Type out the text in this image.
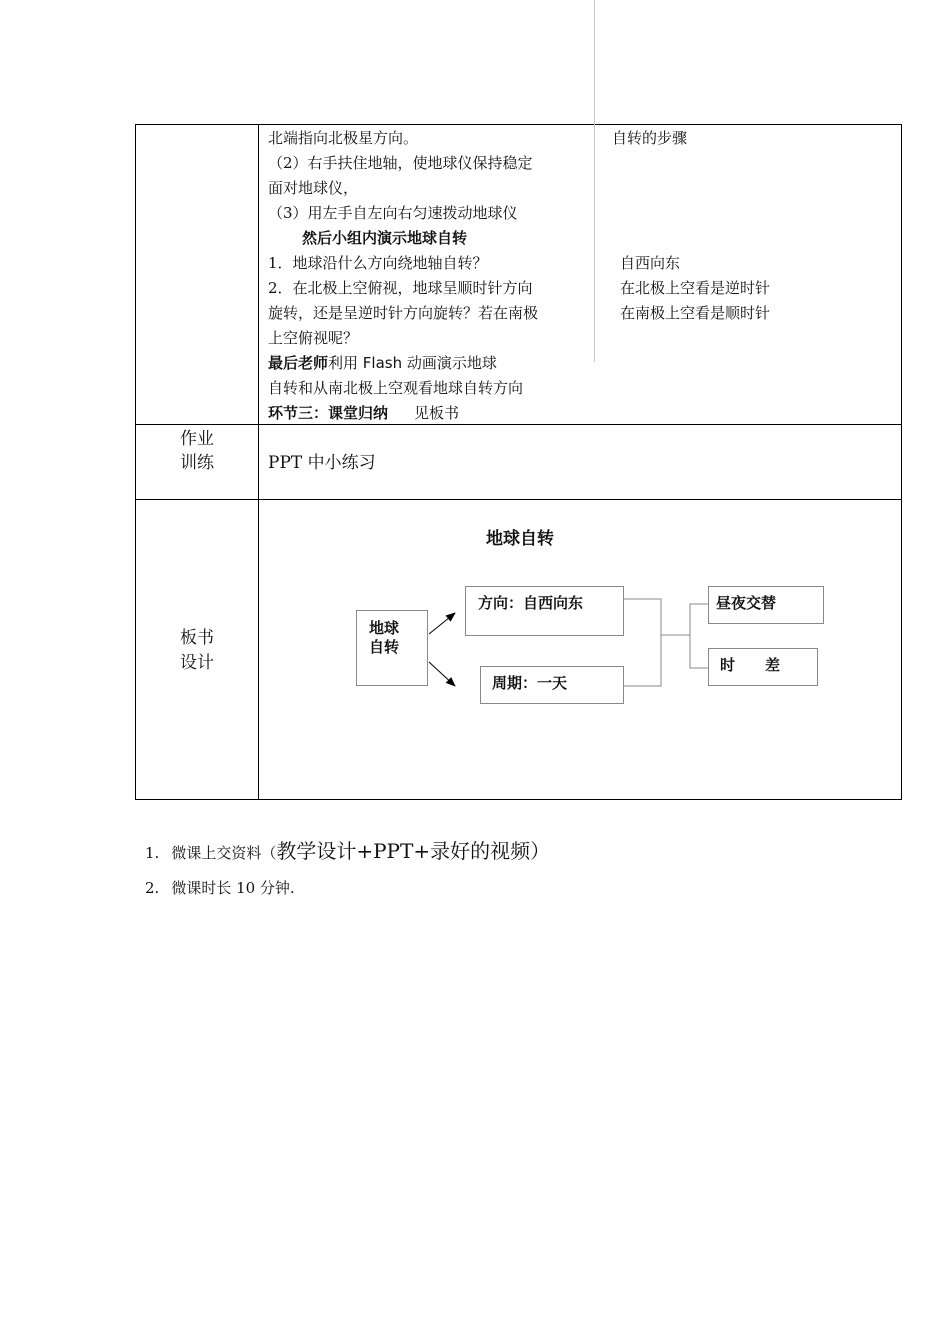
北端指向北极星方向。
（2）右手扶住地轴，使地球仪保持稳定
面对地球仪，
（3）用左手自左向右匀速拨动地球仪
然后小组内演示地球自转
1．地球沿什么方向绕地轴自转？
2．在北极上空俯视，地球呈顺时针方向
旋转，还是呈逆时针方向旋转？若在南极
上空俯视呢？
最后老师利用 Flash 动画演示地球
自转和从南北极上空观看地球自转方向
环节三：课堂归纳 见板书
自转的步骤
自西向东
在北极上空看是逆时针
在南极上空看是顺时针
作业
训练	PPT 中小练习
板书
设计
地球自转
地球
自转
方向：自西向东
周期：一天
昼夜交替
时　　差
1. 微课上交资料（教学设计+PPT+录好的视频）
2. 微课时长 10 分钟.
